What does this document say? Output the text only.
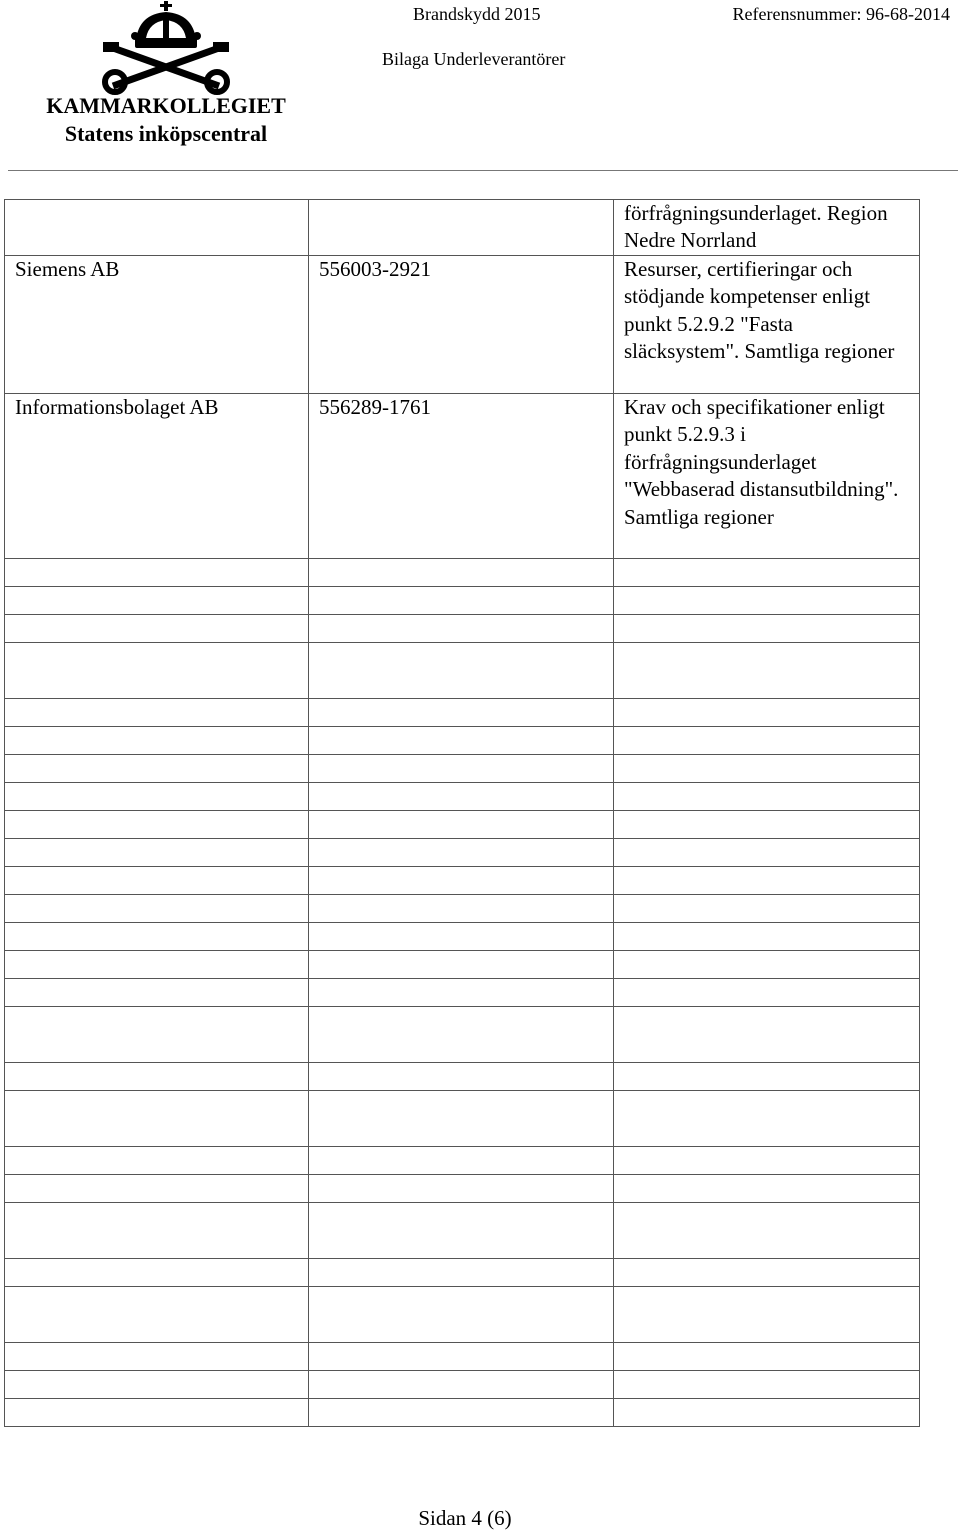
KAMMARKOLLEGIET
Statens inköpscentral
Brandskydd 2015	Referensnummer: 96-68-2014
Bilaga Underleverantörer
		förfrågningsunderlaget. Region Nedre Norrland
Siemens AB	556003-2921	Resurser, certifieringar och stödjande kompetenser enligt punkt 5.2.9.2 "Fasta släcksystem". Samtliga regioner
Informationsbolaget AB	556289-1761	Krav och specifikationer enligt punkt 5.2.9.3 i förfrågningsunderlaget "Webbaserad distansutbildning". Samtliga regioner

Sidan 4 (6)
